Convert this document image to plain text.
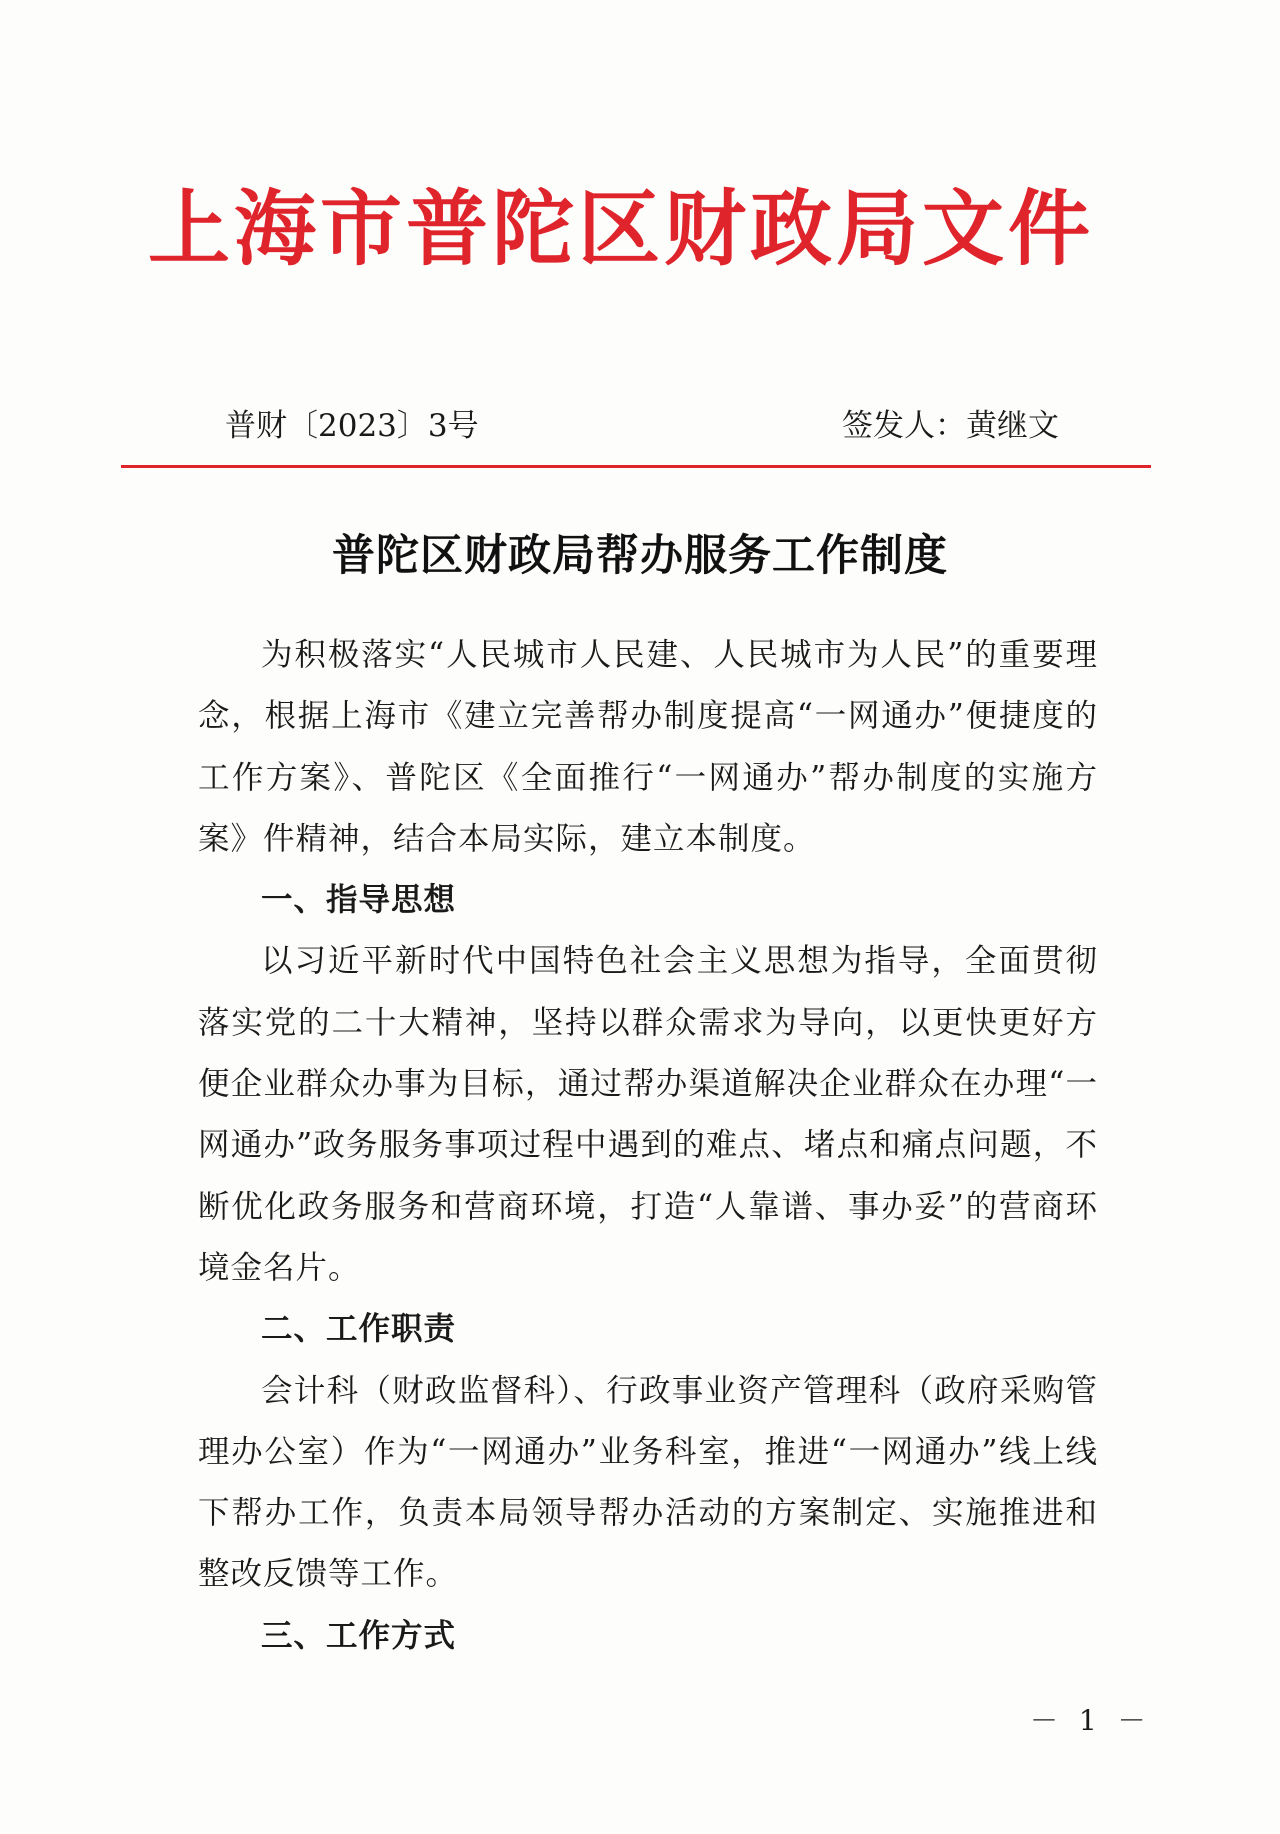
上海市普陀区财政局文件
普财〔2023〕3号	签发人：黄继文
普陀区财政局帮办服务工作制度

为积极落实“人民城市人民建、人民城市为人民”的重要理念，根据上海市《建立完善帮办制度提高“一网通办”便捷度的工作方案》、普陀区《全面推行“一网通办”帮办制度的实施方案》件精神，结合本局实际，建立本制度。

一、指导思想

以习近平新时代中国特色社会主义思想为指导，全面贯彻落实党的二十大精神，坚持以群众需求为导向，以更快更好方便企业群众办事为目标，通过帮办渠道解决企业群众在办理“一网通办”政务服务事项过程中遇到的难点、堵点和痛点问题，不断优化政务服务和营商环境，打造“人靠谱、事办妥”的营商环境金名片。

二、工作职责

会计科（财政监督科）、行政事业资产管理科（政府采购管理办公室）作为“一网通办”业务科室，推进“一网通办”线上线下帮办工作，负责本局领导帮办活动的方案制定、实施推进和整改反馈等工作。

三、工作方式

－ 1 －
